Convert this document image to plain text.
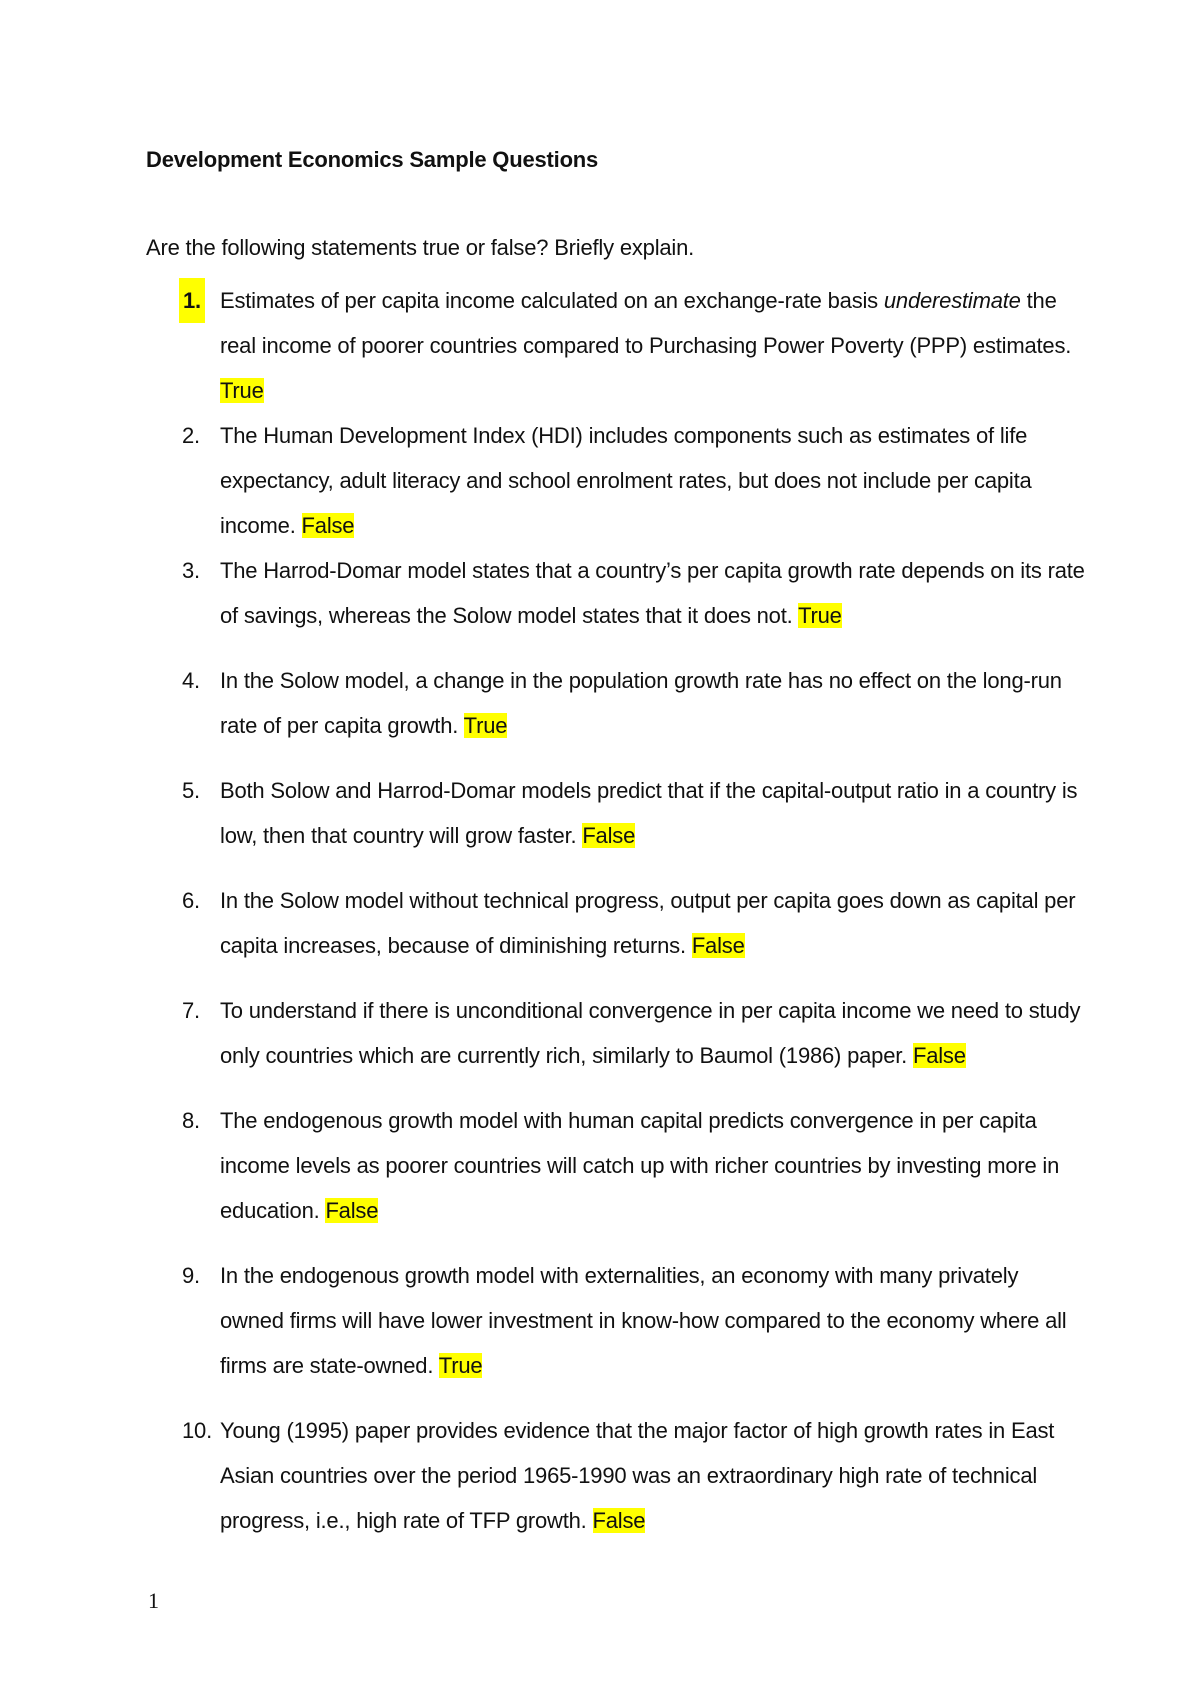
Development Economics Sample Questions
Are the following statements true or false? Briefly explain.
1. Estimates of per capita income calculated on an exchange-rate basis underestimate the real income of poorer countries compared to Purchasing Power Poverty (PPP) estimates. True
2. The Human Development Index (HDI) includes components such as estimates of life expectancy, adult literacy and school enrolment rates, but does not include per capita income. False
3. The Harrod-Domar model states that a country’s per capita growth rate depends on its rate of savings, whereas the Solow model states that it does not. True
4. In the Solow model, a change in the population growth rate has no effect on the long-run rate of per capita growth. True
5. Both Solow and Harrod-Domar models predict that if the capital-output ratio in a country is low, then that country will grow faster. False
6. In the Solow model without technical progress, output per capita goes down as capital per capita increases, because of diminishing returns. False
7. To understand if there is unconditional convergence in per capita income we need to study only countries which are currently rich, similarly to Baumol (1986) paper. False
8. The endogenous growth model with human capital predicts convergence in per capita income levels as poorer countries will catch up with richer countries by investing more in education. False
9. In the endogenous growth model with externalities, an economy with many privately owned firms will have lower investment in know-how compared to the economy where all firms are state-owned. True
10. Young (1995) paper provides evidence that the major factor of high growth rates in East Asian countries over the period 1965-1990 was an extraordinary high rate of technical progress, i.e., high rate of TFP growth. False
1
